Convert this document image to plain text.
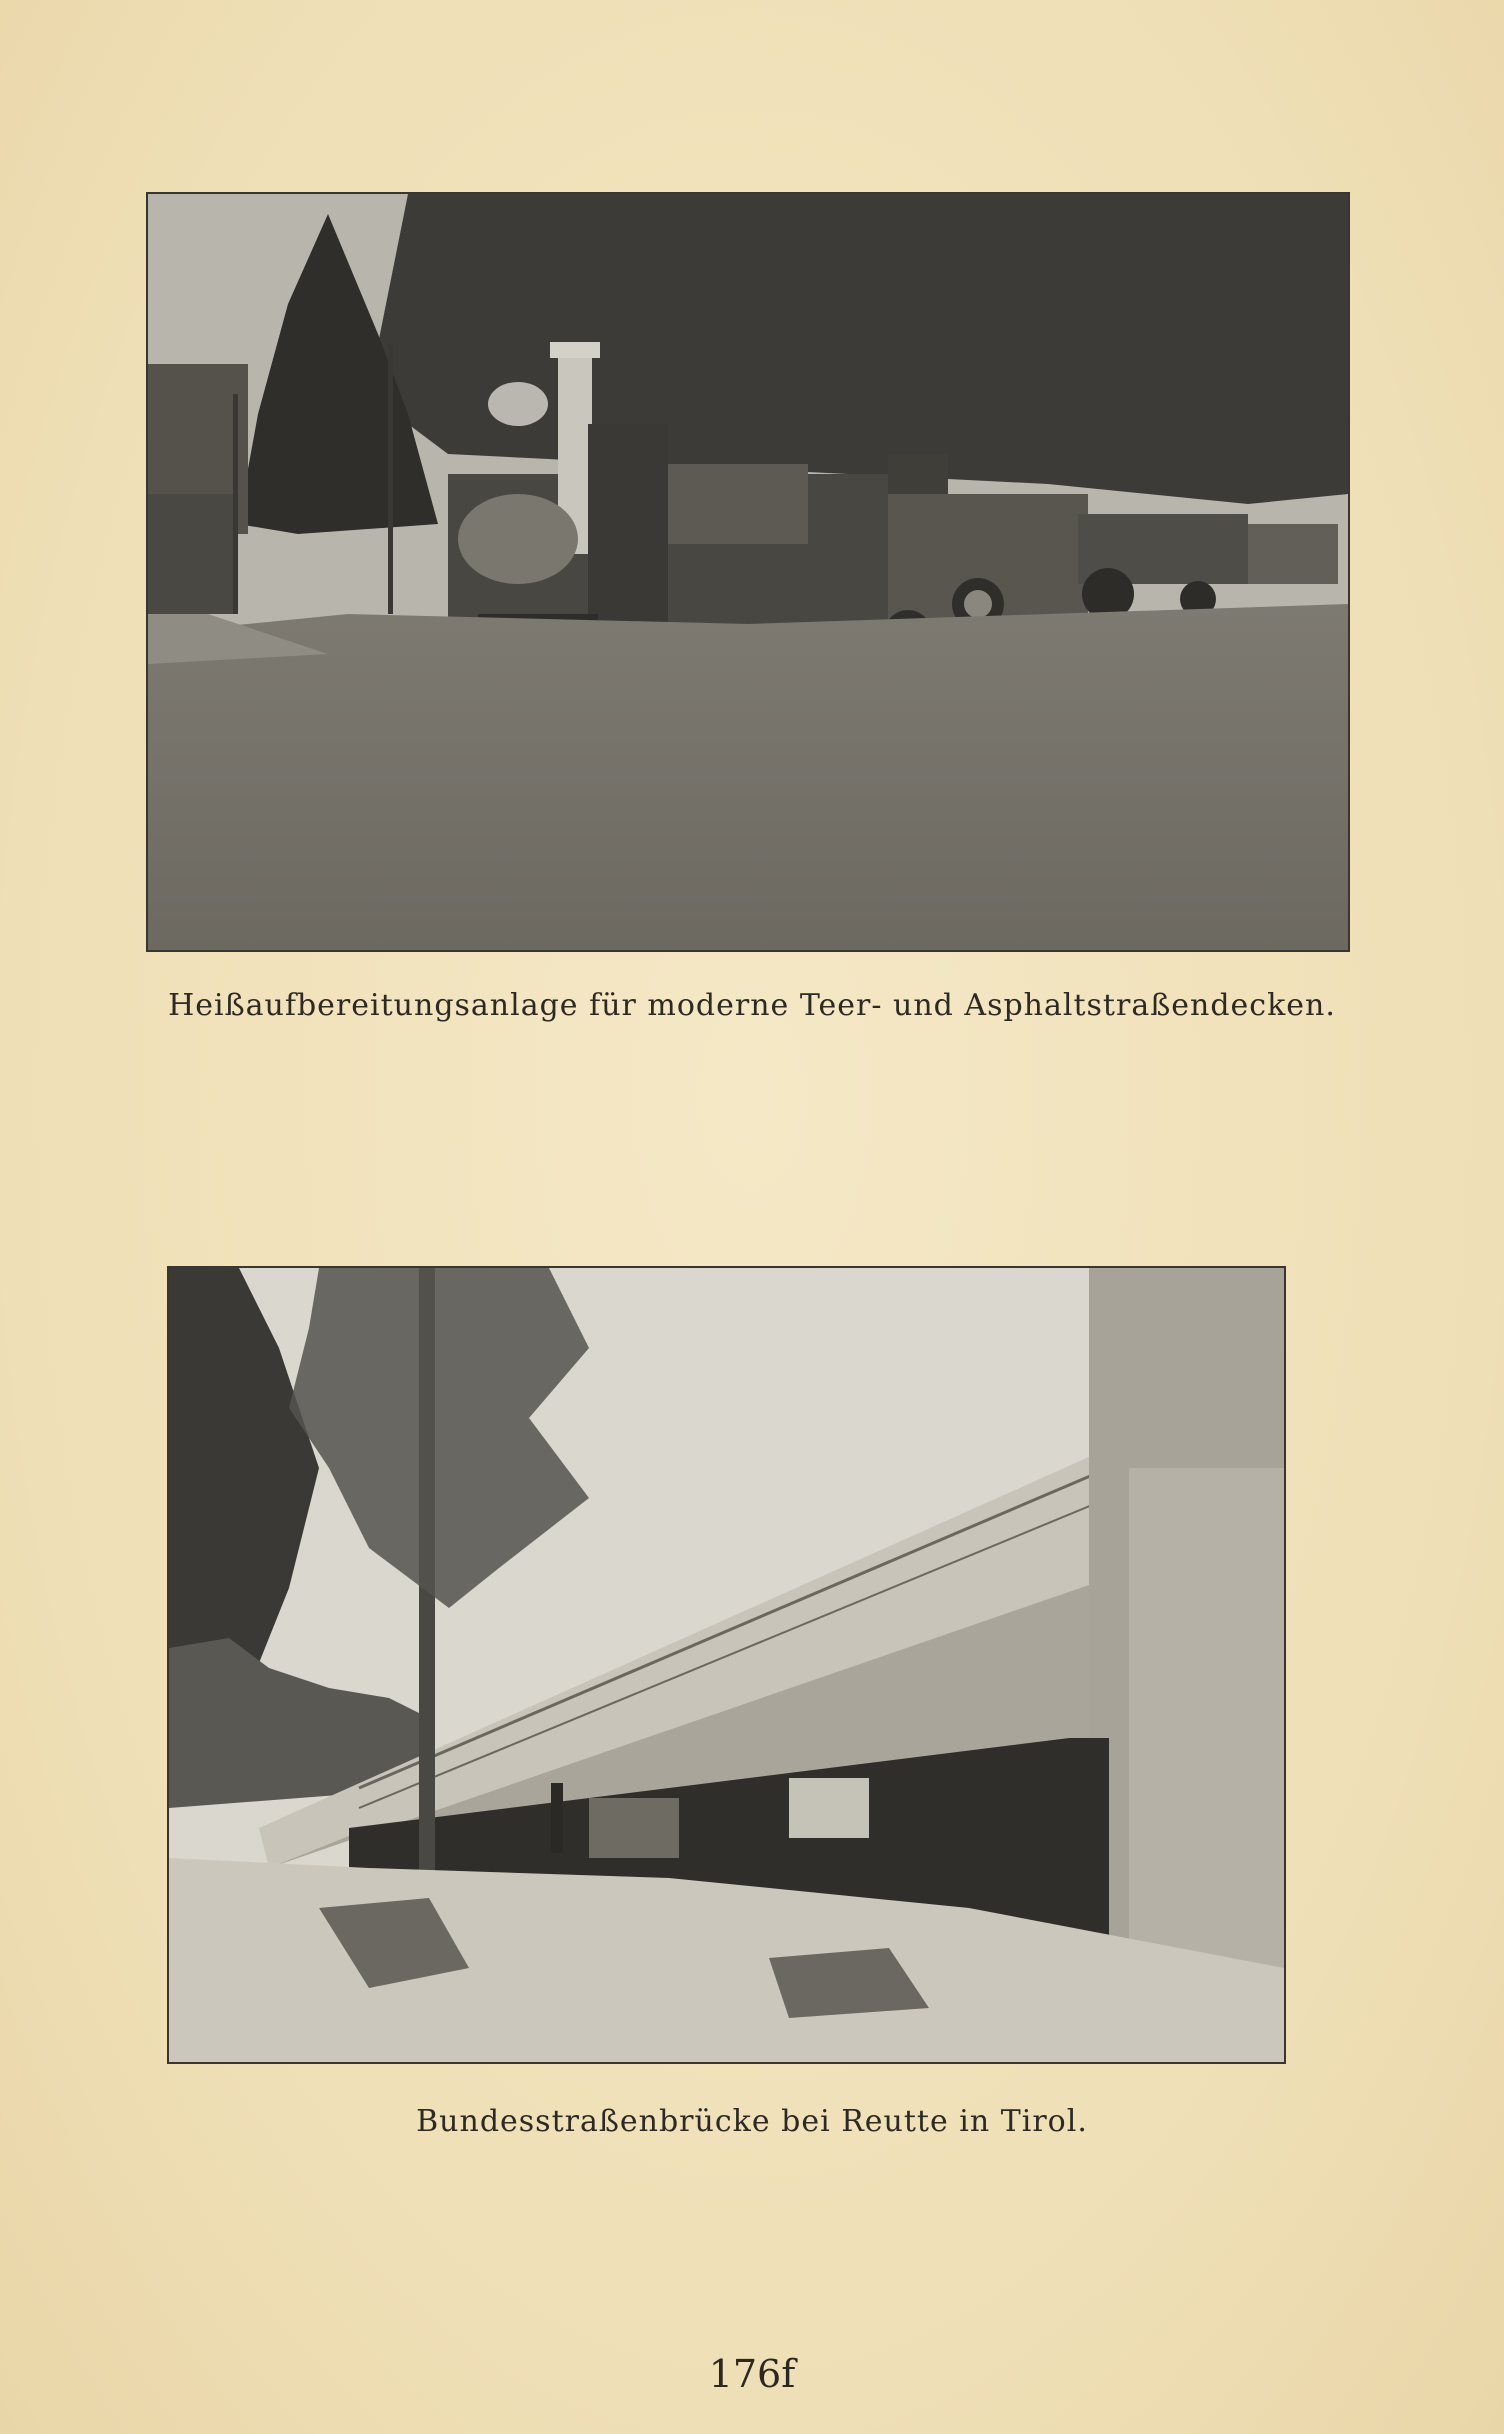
Heißaufbereitungsanlage für moderne Teer- und Asphaltstraßendecken.
Bundesstraßenbrücke bei Reutte in Tirol.
176f
